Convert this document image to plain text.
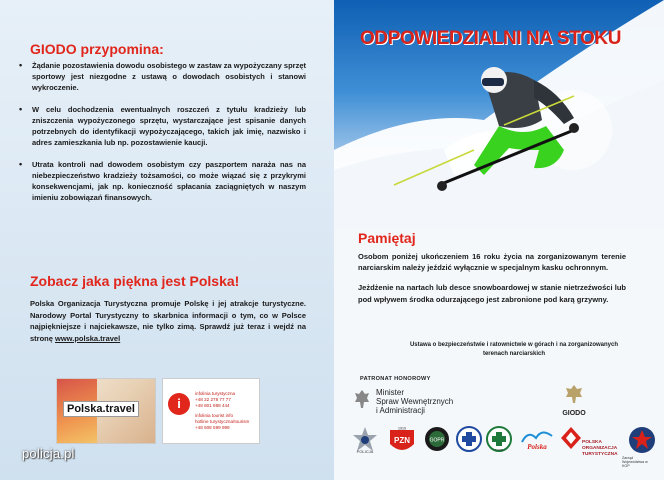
GIODO przypomina:
• Żądanie pozostawienia dowodu osobistego w zastaw za wypożyczany sprzęt sportowy jest niezgodne z ustawą o dowodach osobistych i stanowi wykroczenie.
• W celu dochodzenia ewentualnych roszczeń z tytułu kradzieży lub zniszczenia wypożyczonego sprzętu, wystarczające jest spisanie danych potrzebnych do identyfikacji wypożyczającego, takich jak imię, nazwisko i adres zamieszkania lub np. pozostawienie kaucji.
• Utrata kontroli nad dowodem osobistym czy paszportem naraża nas na niebezpieczeństwo kradzieży tożsamości, co może wiązać się z przykrymi konsekwencjami, jak np. konieczność spłacania zaciągniętych w naszym imieniu zobowiązań finansowych.
Zobacz jaka piękna jest Polska!
Polska Organizacja Turystyczna promuje Polskę i jej atrakcje turystyczne. Narodowy Portal Turystyczny to skarbnica informacji o tym, co w Polsce najpiękniejsze i najciekawsze, nie tylko zimą. Sprawdź już teraz i wejdź na stronę www.polska.travel
Polska.travel	i
infolinia turystyczna
+48 22 278 77 77
+48 801 888 444
infolinia tourist info
hotline turystyczna/tourism
+48 608 599 999
policja.pl
ODPOWIEDZIALNI NA STOKU
Pamiętaj

Osobom poniżej ukończeniem 16 roku życia na zorganizowanym terenie narciarskim należy jeździć wyłącznie w specjalnym kasku ochronnym.

Jeżdżenie na nartach lub desce snowboardowej w stanie nietrzeźwości lub pod wpływem środka odurzającego jest zabronione pod karą grzywny.

Ustawa o bezpieczeństwie i ratownictwie w górach i na zorganizowanych terenach narciarskich
PATRONAT HONOROWY
Minister
Spraw Wewnętrznych
i Administracji	GIODO
POLICJA
1919
PZN	GOPR
TOPR	Polska
POLSKA ORGANIZACJA TURYSTYCZNA
Zarząd Województwa w KGP
